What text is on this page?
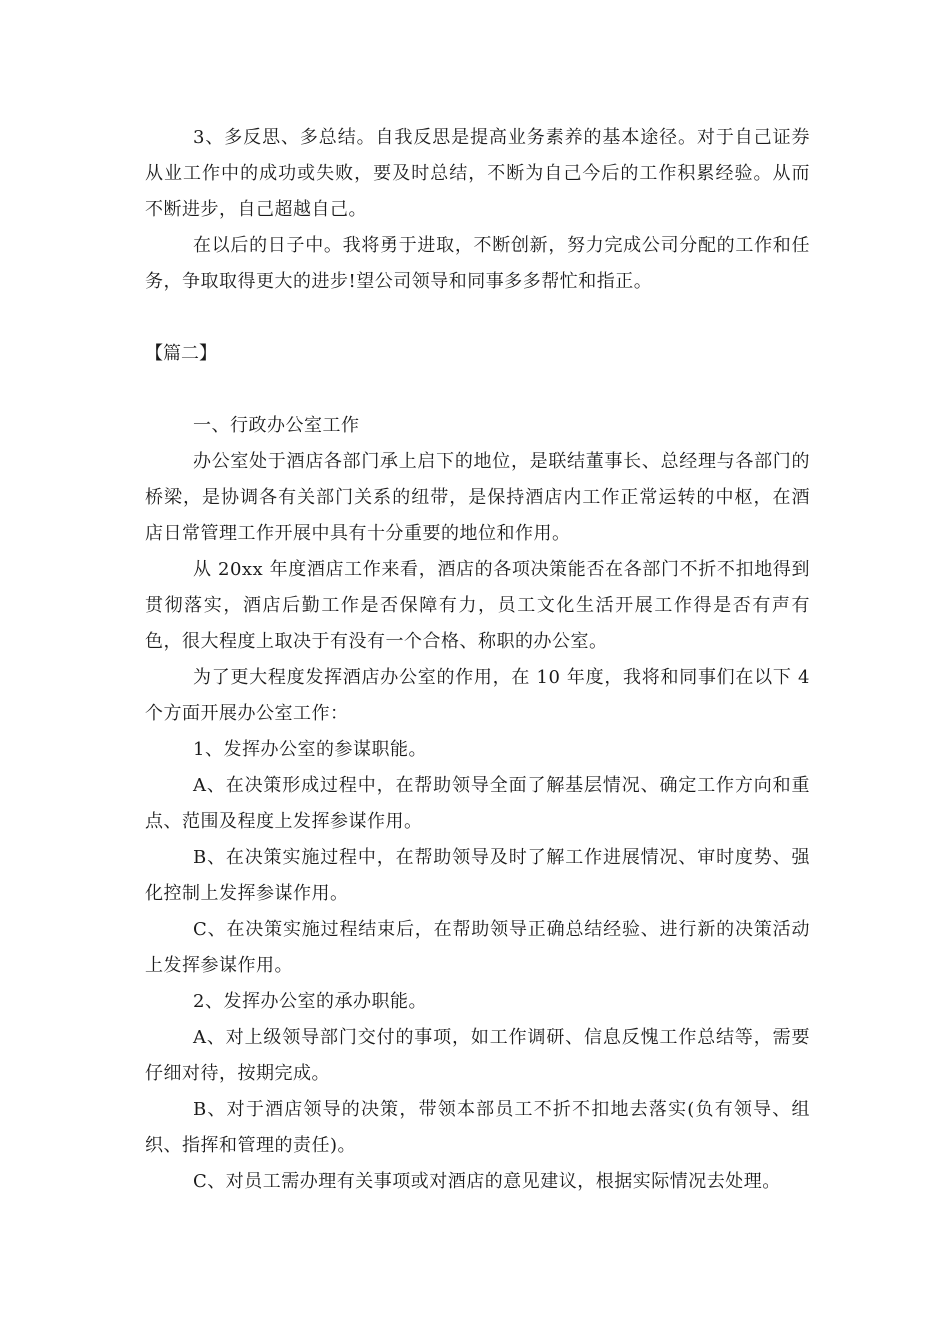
3、多反思、多总结。自我反思是提高业务素养的基本途径。对于自己证券从业工作中的成功或失败，要及时总结，不断为自己今后的工作积累经验。从而不断进步，自己超越自己。

在以后的日子中。我将勇于进取，不断创新，努力完成公司分配的工作和任务，争取取得更大的进步!望公司领导和同事多多帮忙和指正。

【篇二】

一、行政办公室工作

办公室处于酒店各部门承上启下的地位，是联结董事长、总经理与各部门的桥梁，是协调各有关部门关系的纽带，是保持酒店内工作正常运转的中枢，在酒店日常管理工作开展中具有十分重要的地位和作用。

从 20xx 年度酒店工作来看，酒店的各项决策能否在各部门不折不扣地得到贯彻落实，酒店后勤工作是否保障有力，员工文化生活开展工作得是否有声有色，很大程度上取决于有没有一个合格、称职的办公室。

为了更大程度发挥酒店办公室的作用，在 10 年度，我将和同事们在以下 4 个方面开展办公室工作：

1、发挥办公室的参谋职能。

A、在决策形成过程中，在帮助领导全面了解基层情况、确定工作方向和重点、范围及程度上发挥参谋作用。

B、在决策实施过程中，在帮助领导及时了解工作进展情况、审时度势、强化控制上发挥参谋作用。

C、在决策实施过程结束后，在帮助领导正确总结经验、进行新的决策活动上发挥参谋作用。

2、发挥办公室的承办职能。

A、对上级领导部门交付的事项，如工作调研、信息反愧工作总结等，需要仔细对待，按期完成。

B、对于酒店领导的决策，带领本部员工不折不扣地去落实(负有领导、组织、指挥和管理的责任)。

C、对员工需办理有关事项或对酒店的意见建议，根据实际情况去处理。
